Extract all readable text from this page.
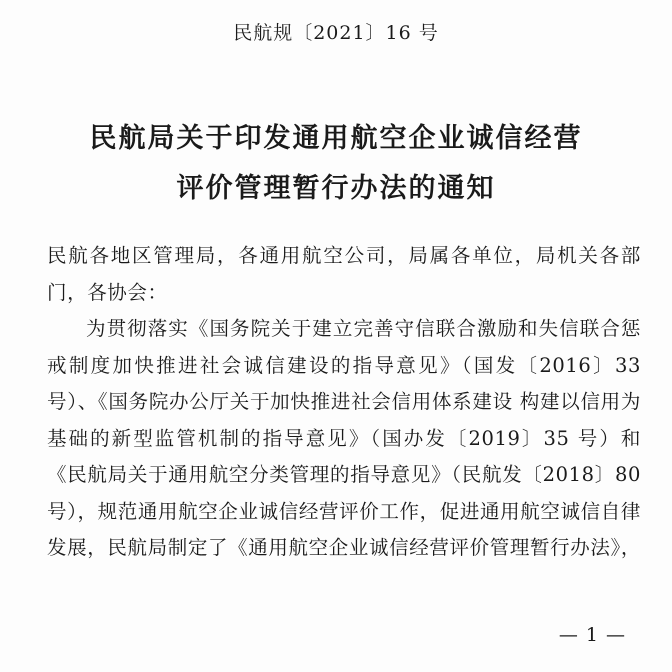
民航规〔2021〕16 号
民航局关于印发通用航空企业诚信经营
评价管理暂行办法的通知

民航各地区管理局，各通用航空公司，局属各单位，局机关各部门，各协会：

为贯彻落实《国务院关于建立完善守信联合激励和失信联合惩戒制度加快推进社会诚信建设的指导意见》（国发〔2016〕33 号）、《国务院办公厅关于加快推进社会信用体系建设 构建以信用为基础的新型监管机制的指导意见》（国办发〔2019〕35 号）和《民航局关于通用航空分类管理的指导意见》（民航发〔2018〕80 号），规范通用航空企业诚信经营评价工作，促进通用航空诚信自律发展，民航局制定了《通用航空企业诚信经营评价管理暂行办法》，

— 1 —
